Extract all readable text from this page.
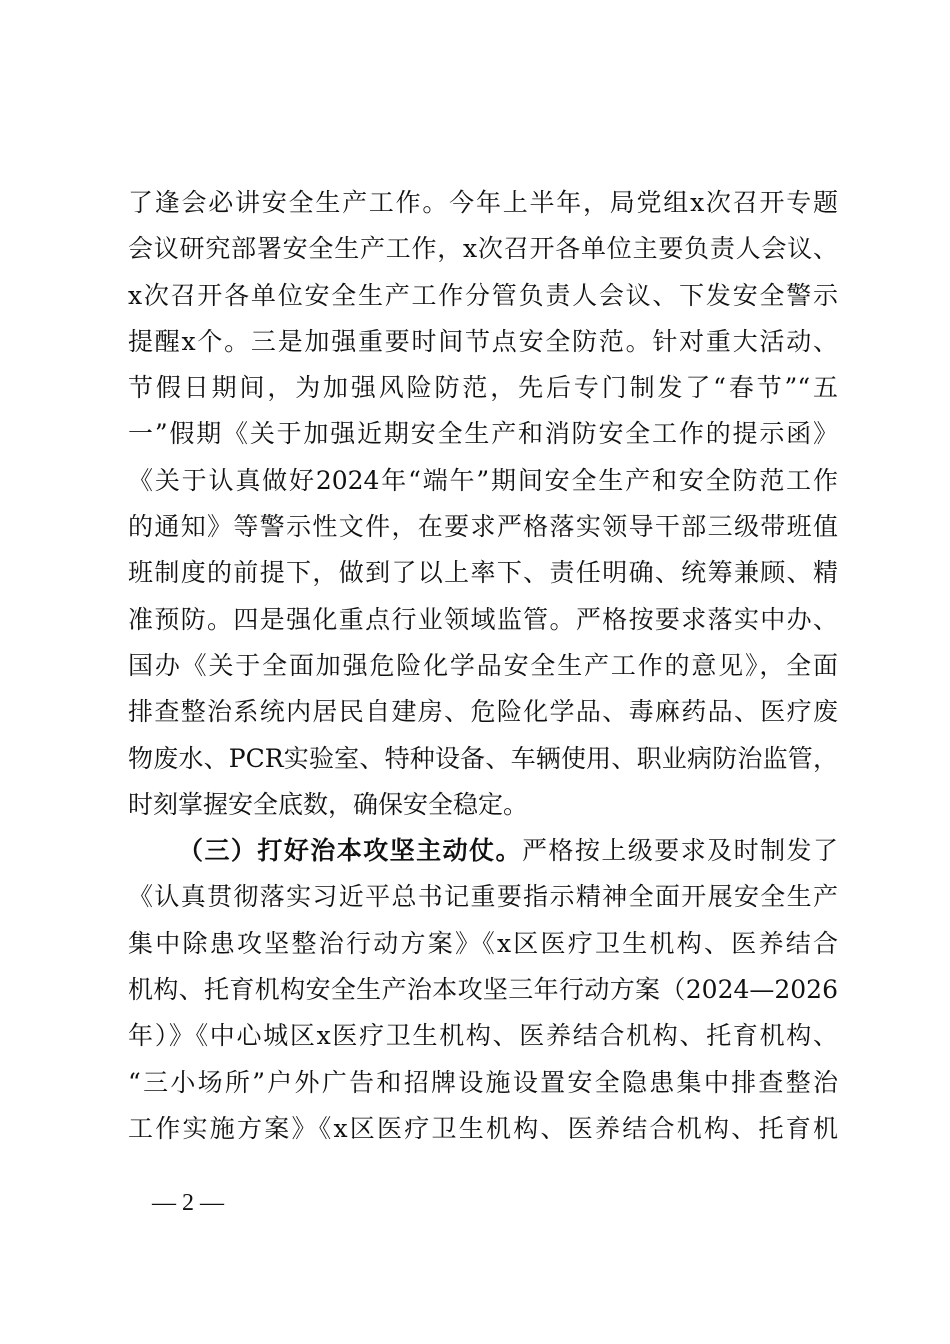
了逢会必讲安全生产工作。今年上半年，局党组x次召开专题
会议研究部署安全生产工作，x次召开各单位主要负责人会议、
x次召开各单位安全生产工作分管负责人会议、下发安全警示
提醒x个。三是加强重要时间节点安全防范。针对重大活动、
节假日期间，为加强风险防范，先后专门制发了“春节”“五
一”假期《关于加强近期安全生产和消防安全工作的提示函》
《关于认真做好2024年“端午”期间安全生产和安全防范工作
的通知》等警示性文件，在要求严格落实领导干部三级带班值
班制度的前提下，做到了以上率下、责任明确、统筹兼顾、精
准预防。四是强化重点行业领域监管。严格按要求落实中办、
国办《关于全面加强危险化学品安全生产工作的意见》，全面
排查整治系统内居民自建房、危险化学品、毒麻药品、医疗废
物废水、PCR实验室、特种设备、车辆使用、职业病防治监管，
时刻掌握安全底数，确保安全稳定。
（三）打好治本攻坚主动仗。严格按上级要求及时制发了
《认真贯彻落实习近平总书记重要指示精神全面开展安全生产
集中除患攻坚整治行动方案》《x区医疗卫生机构、医养结合
机构、托育机构安全生产治本攻坚三年行动方案（2024—2026
年）》《中心城区x医疗卫生机构、医养结合机构、托育机构、
“三小场所”户外广告和招牌设施设置安全隐患集中排查整治
工作实施方案》《x区医疗卫生机构、医养结合机构、托育机
— 2 —
